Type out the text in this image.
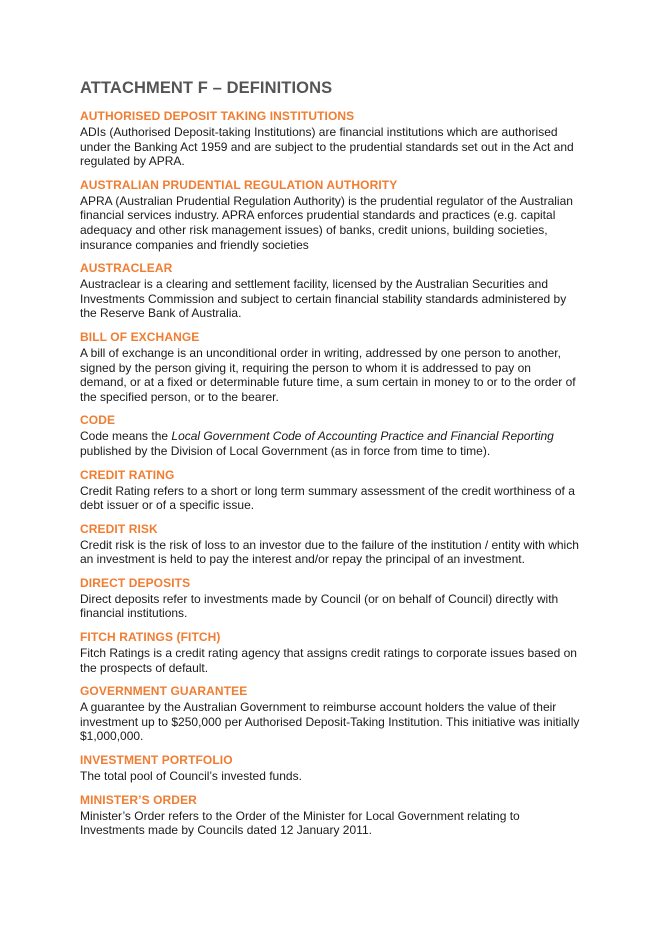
ATTACHMENT F – DEFINITIONS
AUTHORISED DEPOSIT TAKING INSTITUTIONS

ADIs (Authorised Deposit-taking Institutions) are financial institutions which are authorised under the Banking Act 1959 and are subject to the prudential standards set out in the Act and regulated by APRA.

AUSTRALIAN PRUDENTIAL REGULATION AUTHORITY

APRA (Australian Prudential Regulation Authority) is the prudential regulator of the Australian financial services industry. APRA enforces prudential standards and practices (e.g. capital adequacy and other risk management issues) of banks, credit unions, building societies, insurance companies and friendly societies

AUSTRACLEAR

Austraclear is a clearing and settlement facility, licensed by the Australian Securities and Investments Commission and subject to certain financial stability standards administered by the Reserve Bank of Australia.

BILL OF EXCHANGE

A bill of exchange is an unconditional order in writing, addressed by one person to another, signed by the person giving it, requiring the person to whom it is addressed to pay on demand, or at a fixed or determinable future time, a sum certain in money to or to the order of the specified person, or to the bearer.

CODE

Code means the Local Government Code of Accounting Practice and Financial Reporting published by the Division of Local Government (as in force from time to time).

CREDIT RATING

Credit Rating refers to a short or long term summary assessment of the credit worthiness of a debt issuer or of a specific issue.

CREDIT RISK

Credit risk is the risk of loss to an investor due to the failure of the institution / entity with which an investment is held to pay the interest and/or repay the principal of an investment.

DIRECT DEPOSITS

Direct deposits refer to investments made by Council (or on behalf of Council) directly with financial institutions.

FITCH RATINGS (FITCH)

Fitch Ratings is a credit rating agency that assigns credit ratings to corporate issues based on the prospects of default.

GOVERNMENT GUARANTEE

A guarantee by the Australian Government to reimburse account holders the value of their investment up to $250,000 per Authorised Deposit-Taking Institution. This initiative was initially $1,000,000.

INVESTMENT PORTFOLIO

The total pool of Council’s invested funds.

MINISTER’S ORDER

Minister’s Order refers to the Order of the Minister for Local Government relating to Investments made by Councils dated 12 January 2011.
